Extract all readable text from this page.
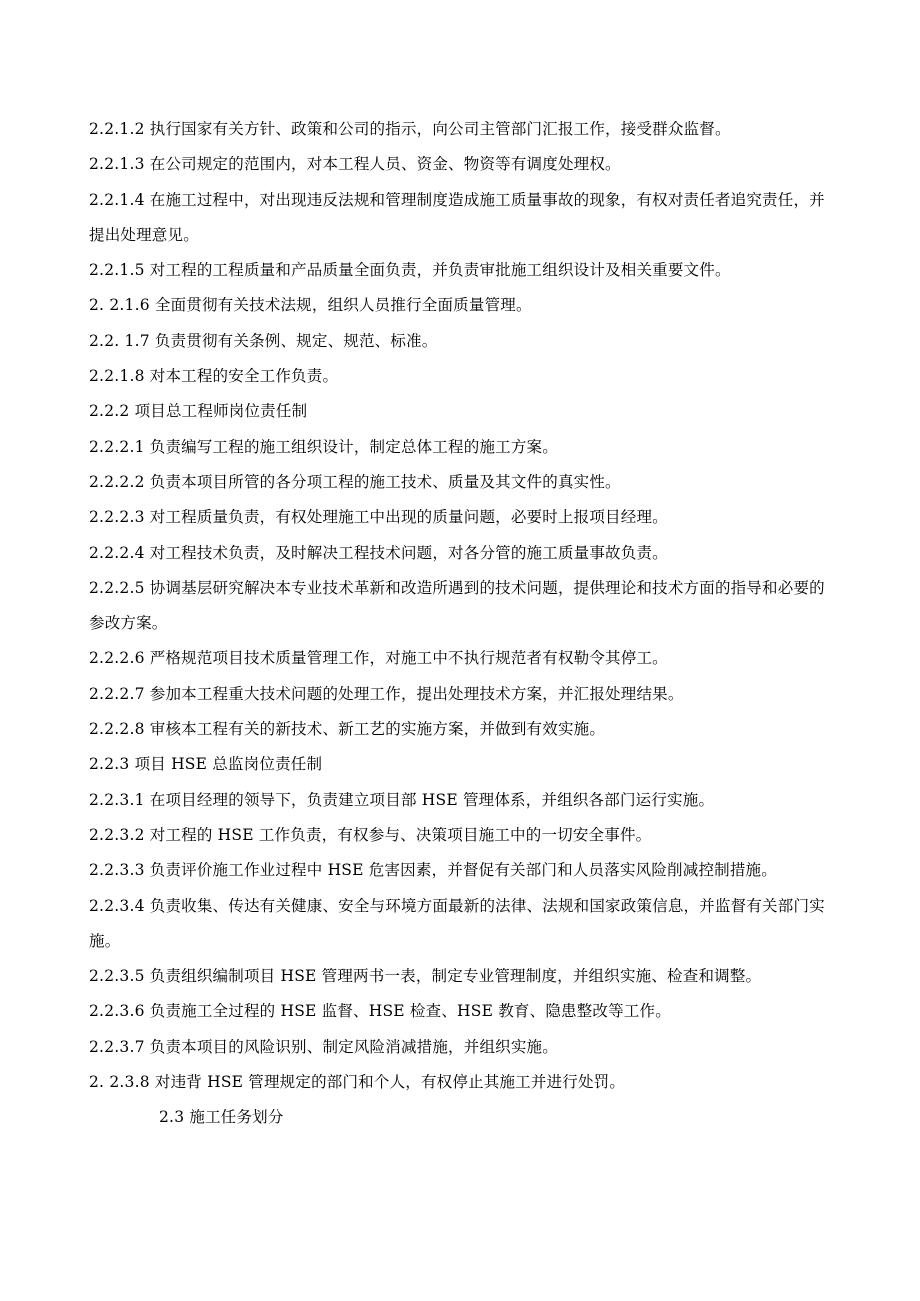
2.2.1.2 执行国家有关方针、政策和公司的指示，向公司主管部门汇报工作，接受群众监督。

2.2.1.3 在公司规定的范围内，对本工程人员、资金、物资等有调度处理权。

2.2.1.4 在施工过程中，对出现违反法规和管理制度造成施工质量事故的现象，有权对责任者追究责任，并提出处理意见。

2.2.1.5 对工程的工程质量和产品质量全面负责，并负责审批施工组织设计及相关重要文件。

2. 2.1.6 全面贯彻有关技术法规，组织人员推行全面质量管理。

2.2. 1.7 负责贯彻有关条例、规定、规范、标准。

2.2.1.8 对本工程的安全工作负责。

2.2.2 项目总工程师岗位责任制

2.2.2.1 负责编写工程的施工组织设计，制定总体工程的施工方案。

2.2.2.2 负责本项目所管的各分项工程的施工技术、质量及其文件的真实性。

2.2.2.3 对工程质量负责，有权处理施工中出现的质量问题，必要时上报项目经理。

2.2.2.4 对工程技术负责，及时解决工程技术问题，对各分管的施工质量事故负责。

2.2.2.5 协调基层研究解决本专业技术革新和改造所遇到的技术问题，提供理论和技术方面的指导和必要的参改方案。

2.2.2.6 严格规范项目技术质量管理工作，对施工中不执行规范者有权勒令其停工。

2.2.2.7 参加本工程重大技术问题的处理工作，提出处理技术方案，并汇报处理结果。

2.2.2.8 审核本工程有关的新技术、新工艺的实施方案，并做到有效实施。

2.2.3 项目 HSE 总监岗位责任制

2.2.3.1 在项目经理的领导下，负责建立项目部 HSE 管理体系，并组织各部门运行实施。

2.2.3.2 对工程的 HSE 工作负责，有权参与、决策项目施工中的一切安全事件。

2.2.3.3 负责评价施工作业过程中 HSE 危害因素，并督促有关部门和人员落实风险削减控制措施。

2.2.3.4 负责收集、传达有关健康、安全与环境方面最新的法律、法规和国家政策信息，并监督有关部门实施。

2.2.3.5 负责组织编制项目 HSE 管理两书一表，制定专业管理制度，并组织实施、检查和调整。

2.2.3.6 负责施工全过程的 HSE 监督、HSE 检查、HSE 教育、隐患整改等工作。

2.2.3.7 负责本项目的风险识别、制定风险消减措施，并组织实施。

2. 2.3.8 对违背 HSE 管理规定的部门和个人，有权停止其施工并进行处罚。

2.3 施工任务划分
